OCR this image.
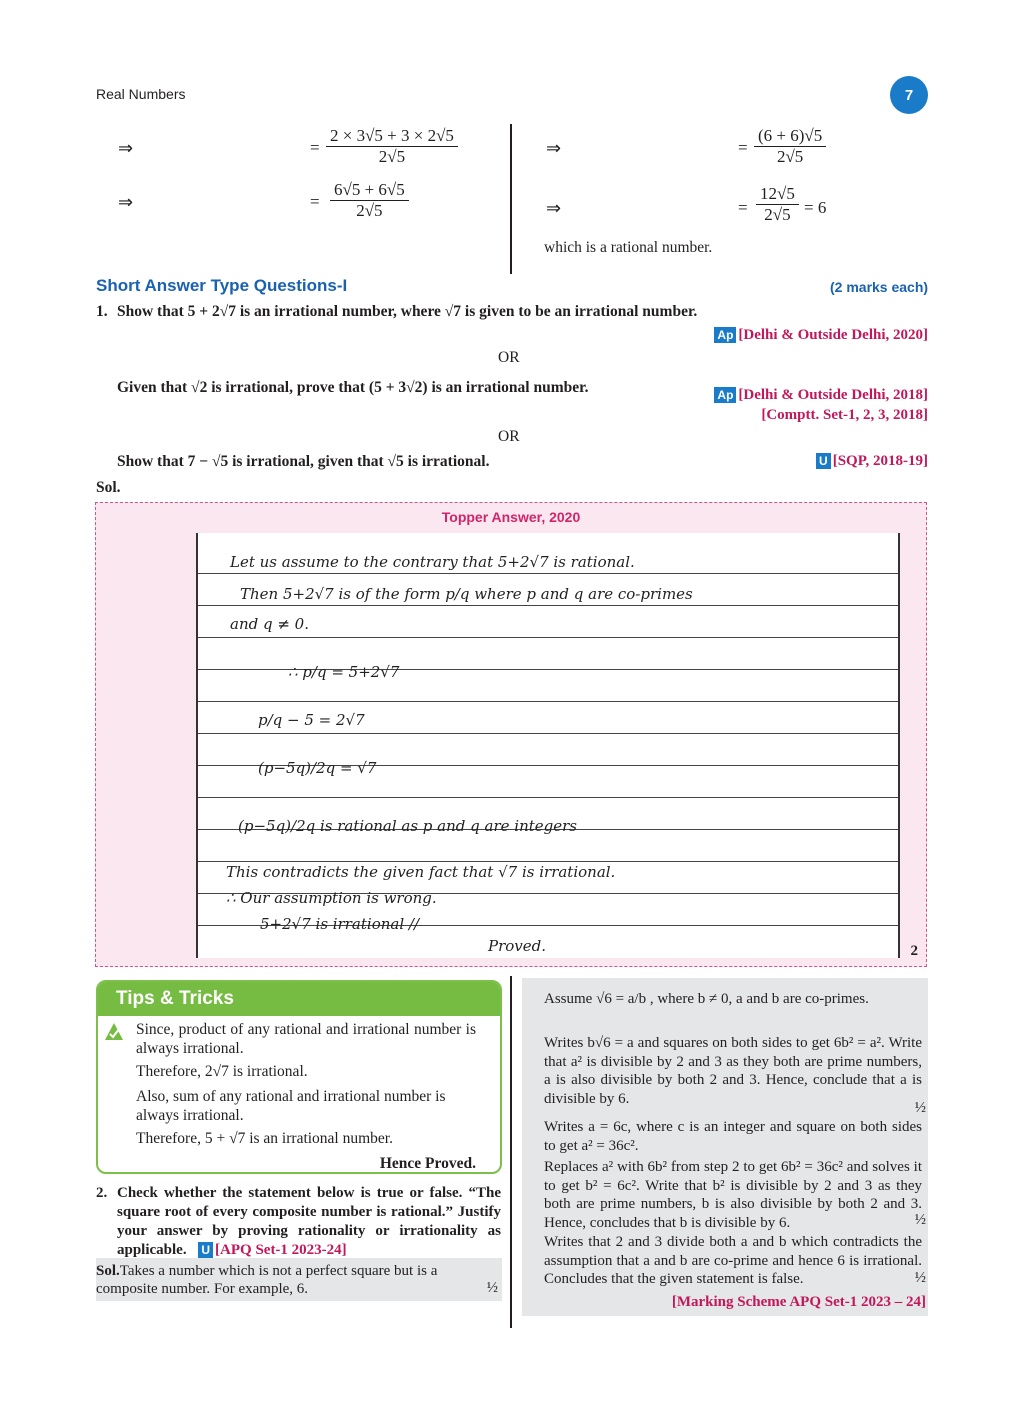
Real Numbers	7
⇒	= $\frac{2 \times 3√5 + 3 \times 2√5}{2√5}$
⇒	= $\frac{6√5 + 6√5}{2√5}$
⇒	= $\frac{(6 + 6)√5}{2√5}$
⇒	= $\frac{12√5}{2√5} = 6$
which is a rational number.
Short Answer Type Questions-I	(2 marks each)
1. Show that 5 + 2√7 is an irrational number, where √7 is given to be an irrational number.
Ap [Delhi & Outside Delhi, 2020]
OR
Given that √2 is irrational, prove that (5 + 3√2) is an irrational number.	Ap [Delhi & Outside Delhi, 2018]
[Comptt. Set-1, 2, 3, 2018]
OR
Show that 7 − √5 is irrational, given that √5 is irrational.	U [SQP, 2018-19]
Sol.
Topper Answer, 2020
Let us assume to the contrary that 5+2√7 is rational.
Then 5+2√7 is of the form p/q where p and q are co-primes
and q ≠ 0.
∴ p/q = 5+2√7
p/q − 5 = 2√7
(p−5q)/2q = √7
(p−5q)/2q is rational as p and q are integers
This contradicts the given fact that √7 is irrational.
∴ Our assumption is wrong.
5+2√7 is irrational //
Proved.	2
Tips & Tricks
Since, product of any rational and irrational number is always irrational.
Therefore, 2√7 is irrational.
Also, sum of any rational and irrational number is always irrational.
Therefore, 5 + √7 is an irrational number.
Hence Proved.
2. Check whether the statement below is true or false. “The square root of every composite number is rational.” Justify your answer by proving rationality or irrationality as applicable. U [APQ Set-1 2023-24]
Sol.Takes a number which is not a perfect square but is a composite number. For example, 6.	½
Assume √6 = a/b , where b ≠ 0, a and b are co-primes.
Writes b√6 = a and squares on both sides to get 6b² = a². Write that a² is divisible by 2 and 3 as they both are prime numbers, a is also divisible by both 2 and 3. Hence, conclude that a is divisible by 6.
½
Writes a = 6c, where c is an integer and square on both sides to get a² = 36c².
Replaces a² with 6b² from step 2 to get 6b² = 36c² and solves it to get b² = 6c². Write that b² is divisible by 2 and 3 as they both are prime numbers, b is also divisible by both 2 and 3. Hence, concludes that b is divisible by 6.	½
Writes that 2 and 3 divide both a and b which contradicts the assumption that a and b are co-prime and hence 6 is irrational. Concludes that the given statement is false.	½
[Marking Scheme APQ Set-1 2023 – 24]
